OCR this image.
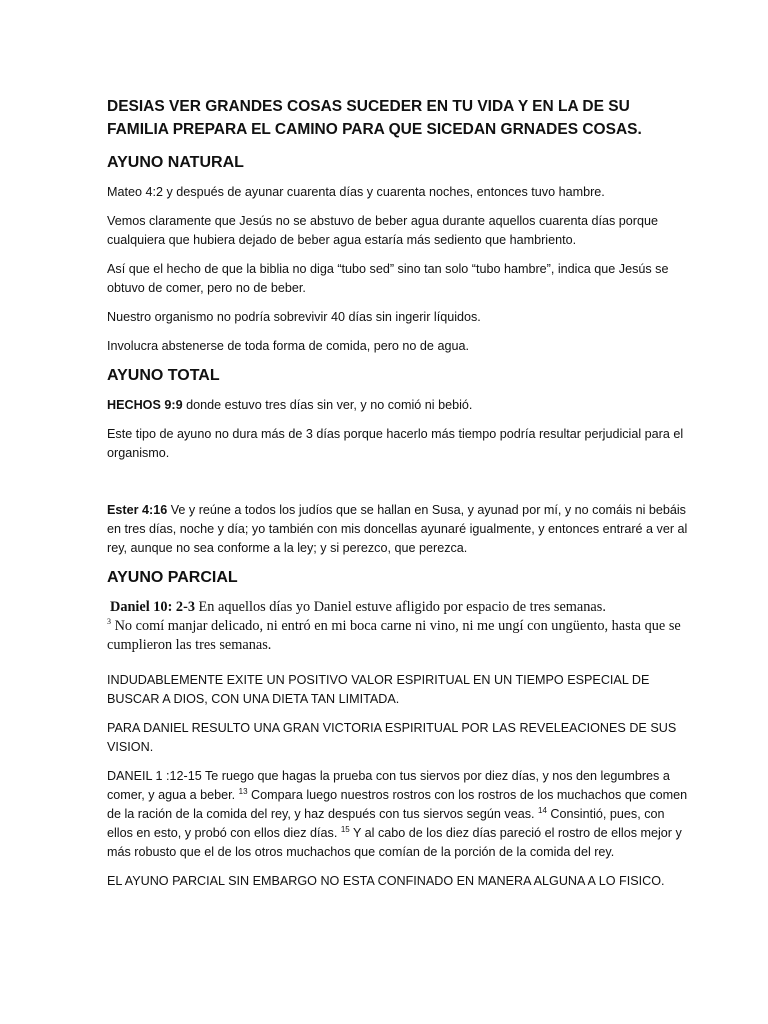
DESIAS VER GRANDES COSAS SUCEDER EN TU VIDA Y EN LA DE SU FAMILIA PREPARA EL CAMINO PARA QUE SICEDAN GRNADES COSAS.
AYUNO NATURAL

Mateo 4:2 y después de ayunar cuarenta días y cuarenta noches, entonces tuvo hambre.

Vemos claramente que Jesús no se abstuvo de beber agua durante aquellos cuarenta días porque cualquiera que hubiera dejado de beber agua estaría más sediento que hambriento.

Así que el hecho de que la biblia no diga “tubo sed” sino tan solo “tubo hambre”, indica que Jesús se obtuvo de comer, pero no de beber.

Nuestro organismo no podría sobrevivir 40 días sin ingerir líquidos.

Involucra abstenerse de toda forma de comida, pero no de agua.

AYUNO TOTAL

HECHOS 9:9 donde estuvo tres días sin ver, y no comió ni bebió.

Este tipo de ayuno no dura más de 3 días porque hacerlo más tiempo podría resultar perjudicial para el organismo.

Ester 4:16 Ve y reúne a todos los judíos que se hallan en Susa, y ayunad por mí, y no comáis ni bebáis en tres días, noche y día; yo también con mis doncellas ayunaré igualmente, y entonces entraré a ver al rey, aunque no sea conforme a la ley; y si perezco, que perezca.

AYUNO PARCIAL
Daniel 10: 2-3 En aquellos días yo Daniel estuve afligido por espacio de tres semanas.
$^3$ No comí manjar delicado, ni entró en mi boca carne ni vino, ni me ungí con ungüento, hasta que se cumplieron las tres semanas.

INDUDABLEMENTE EXITE UN POSITIVO VALOR ESPIRITUAL EN UN TIEMPO ESPECIAL DE BUSCAR A DIOS, CON UNA DIETA TAN LIMITADA.

PARA DANIEL RESULTO UNA GRAN VICTORIA ESPIRITUAL POR LAS REVELEACIONES DE SUS VISION.

DANEIL 1 :12-15 Te ruego que hagas la prueba con tus siervos por diez días, y nos den legumbres a comer, y agua a beber. $^{13}$ Compara luego nuestros rostros con los rostros de los muchachos que comen de la ración de la comida del rey, y haz después con tus siervos según veas. $^{14}$ Consintió, pues, con ellos en esto, y probó con ellos diez días. $^{15}$ Y al cabo de los diez días pareció el rostro de ellos mejor y más robusto que el de los otros muchachos que comían de la porción de la comida del rey.

EL AYUNO PARCIAL SIN EMBARGO NO ESTA CONFINADO EN MANERA ALGUNA A LO FISICO.
